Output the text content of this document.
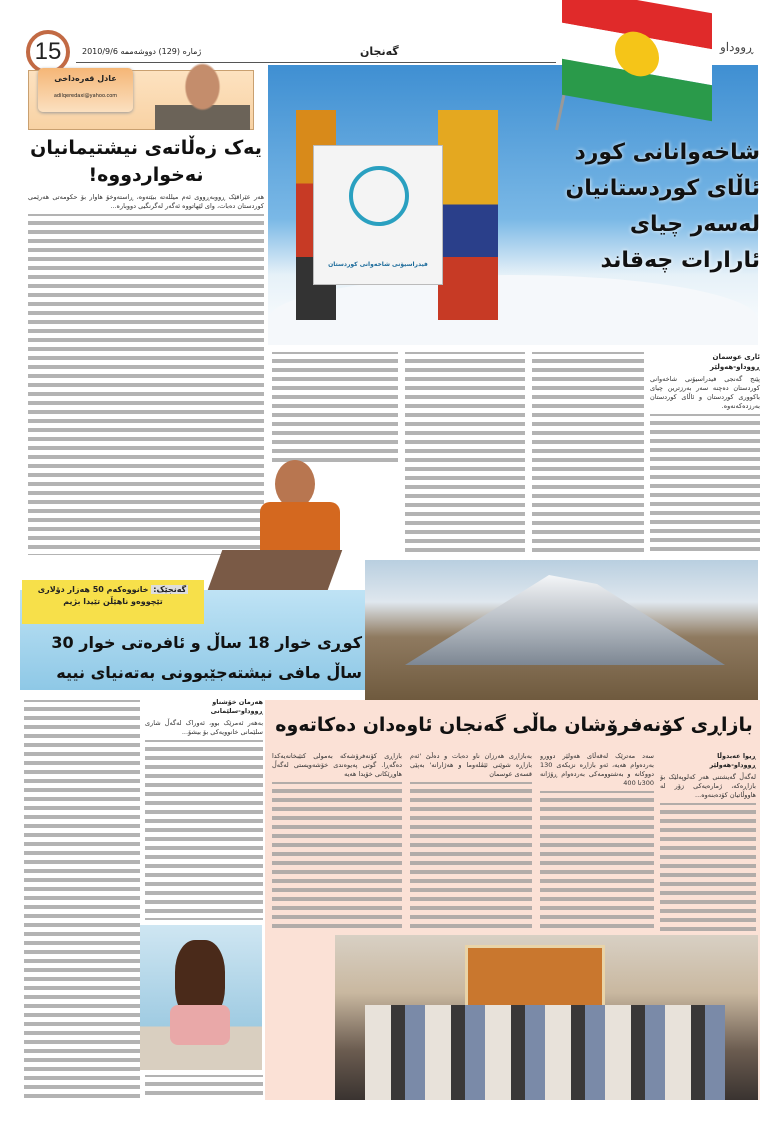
15	ژمارە (129) دووشەممە 2010/9/6	گەنجان
عادل قەرەداخی
adilqeredaxi@yahoo.com
یەک زەڵاتەی نیشتیمانیان نەخواردووە!
هەر عێراقێک ڕووبەڕووی ئەم میللەتە ببێتەوە، ڕاستەوخۆ هاوار بۆ حکومەتی هەرێمی کوردستان دەبات، وای لێهاتووە ئەگەر لەگرنگیی دووبارە...
فیدراسیۆنی شاخەوانی کوردستان
ڕووداو
شاخەوانانی کورد
ئاڵای کوردستانیان
لەسەر چیای
ئارارات چەقاند
ئاری عوسمان
ڕووداو-هەولێر
پێنج گەنجی فیدراسیۆنی شاخەوانی کوردستان دەچنە سەر بەرزترین چیای باکووری کوردستان و ئاڵای کوردستان بەرزدەکەنەوە.
گەنجێک: خانووەکەم 50 هەزار دۆلاری تێچووەو ناهێڵن تێیدا بژیم
کوڕی خوار 18 ساڵ و ئافرەتی خوار 30
ساڵ مافی نیشتەجێبوونی بەتەنیای نییە
هەرمان خۆشناو
ڕووداو-سلێمانی
بەهەر ئەمرێک بوو، ئەوراک لەگەڵ شاری سلێمانی خانوویەکی بۆ بیشۆ... بازاڕی کۆنەفرۆشان ماڵی گەنجان ئاوەدان دەکاتەوە
ڕیوا عەبدوڵا
ڕووداو-هەولێر
لەگەڵ گەیشتنی هەر کەلوپەلێک بۆ بازاڕەکە، ژمارەیەکی زۆر لە هاووڵاتیان کۆدەبنەوە...
سەد مەترێک لەقەڵای هەولێر دوورو بەردەوام هەیە، ئەو بازاڕە نزیکەی 130 دووکانە و بەشتوومەکی بەردەوام ڕۆژانە 300تا 400
بەبازاڕی هەرزان ناو دەبات و دەڵێ 'ئەم بازاڕە شوێنی ئێڤلەوما و هەژارانە' بەپێی قسەی عوسمان
بازاڕی کۆنەفرۆشەکە بەمولی کتێبخانەیەکدا دەگەڕا. گوتی پەیوەندی خۆشەویستی لەگەڵ هاوڕێکانی خۆیدا هەیە
